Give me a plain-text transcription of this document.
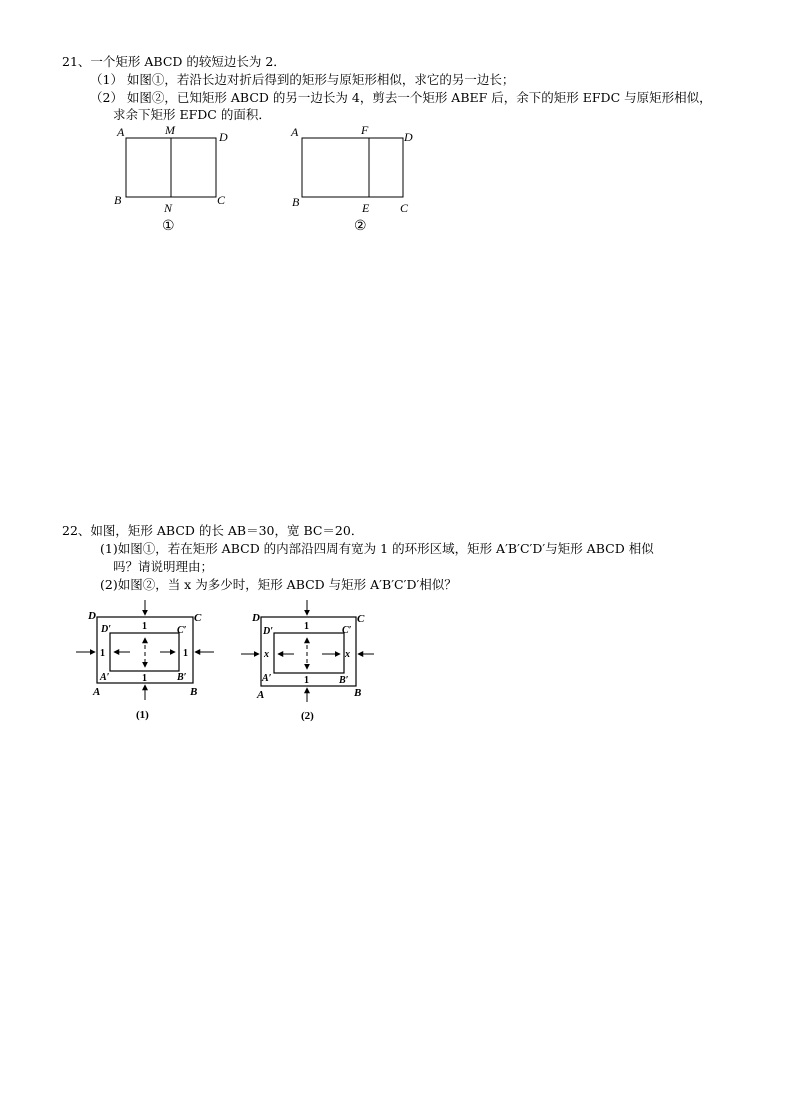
21、一个矩形 ABCD 的较短边长为 2．
（1） 如图①，若沿长边对折后得到的矩形与原矩形相似，求它的另一边长；
（2） 如图②，已知矩形 ABCD 的另一边长为 4，剪去一个矩形 ABEF 后，余下的矩形 EFDC 与原矩形相似，
求余下矩形 EFDC 的面积．
A	M	D
B
N
C
①
A	F	D
B	E	C
②
22、如图，矩形 ABCD 的长 AB＝30，宽 BC＝20．
(1)如图①，若在矩形 ABCD 的内部沿四周有宽为 1 的环形区域，矩形 A′B′C′D′与矩形 ABCD 相似
吗？请说明理由；
(2)如图②，当 x 为多少时，矩形 ABCD 与矩形 A′B′C′D′相似？
1
1
1	1
D	C
D′	C′
A′	B′
A	B
(1)
1
1
x	x
D	C
D′	C′
A′	B′
A	B
(2)
